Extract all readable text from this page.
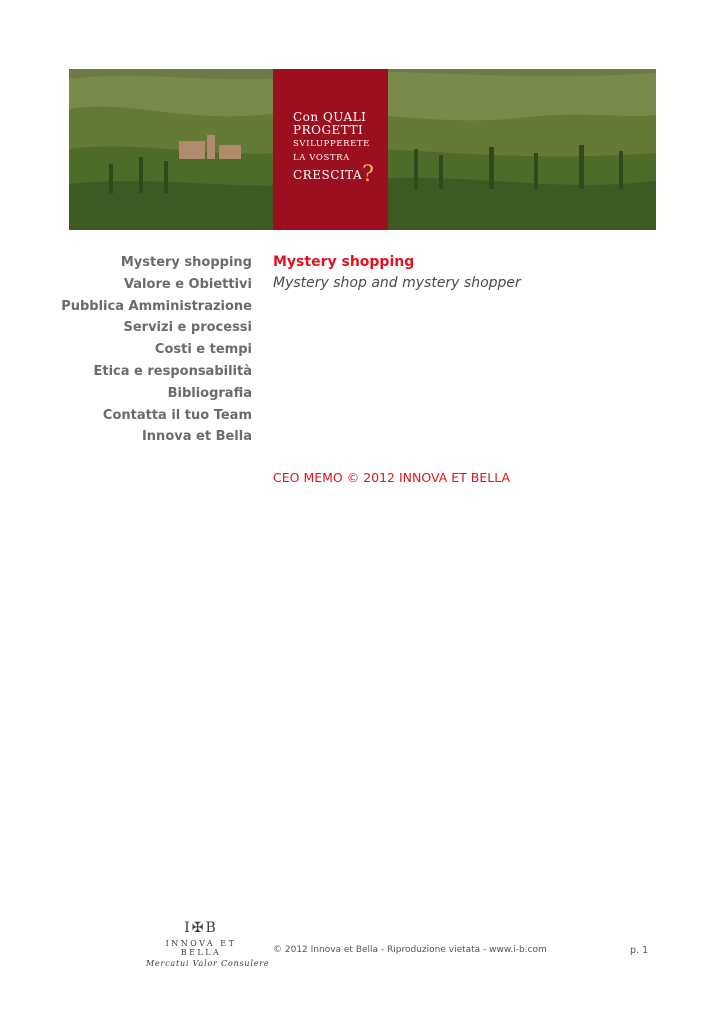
Con QUALI
PROGETTI
SVILUPPERETE
LA VOSTRA
CRESCITA?
Mystery shopping
Valore e Obiettivi
Pubblica Amministrazione
Servizi e processi
Costi e tempi
Etica e responsabilità
Bibliografia
Contatta il tuo Team
Innova et Bella
Mystery shopping
Mystery shop and mystery shopper
CEO MEMO © 2012 INNOVA ET BELLA
I✠B
INNOVA ET BELLA
Mercatui Valor Consulere
© 2012 Innova et Bella - Riproduzione vietata - www.i-b.com	p. 1
